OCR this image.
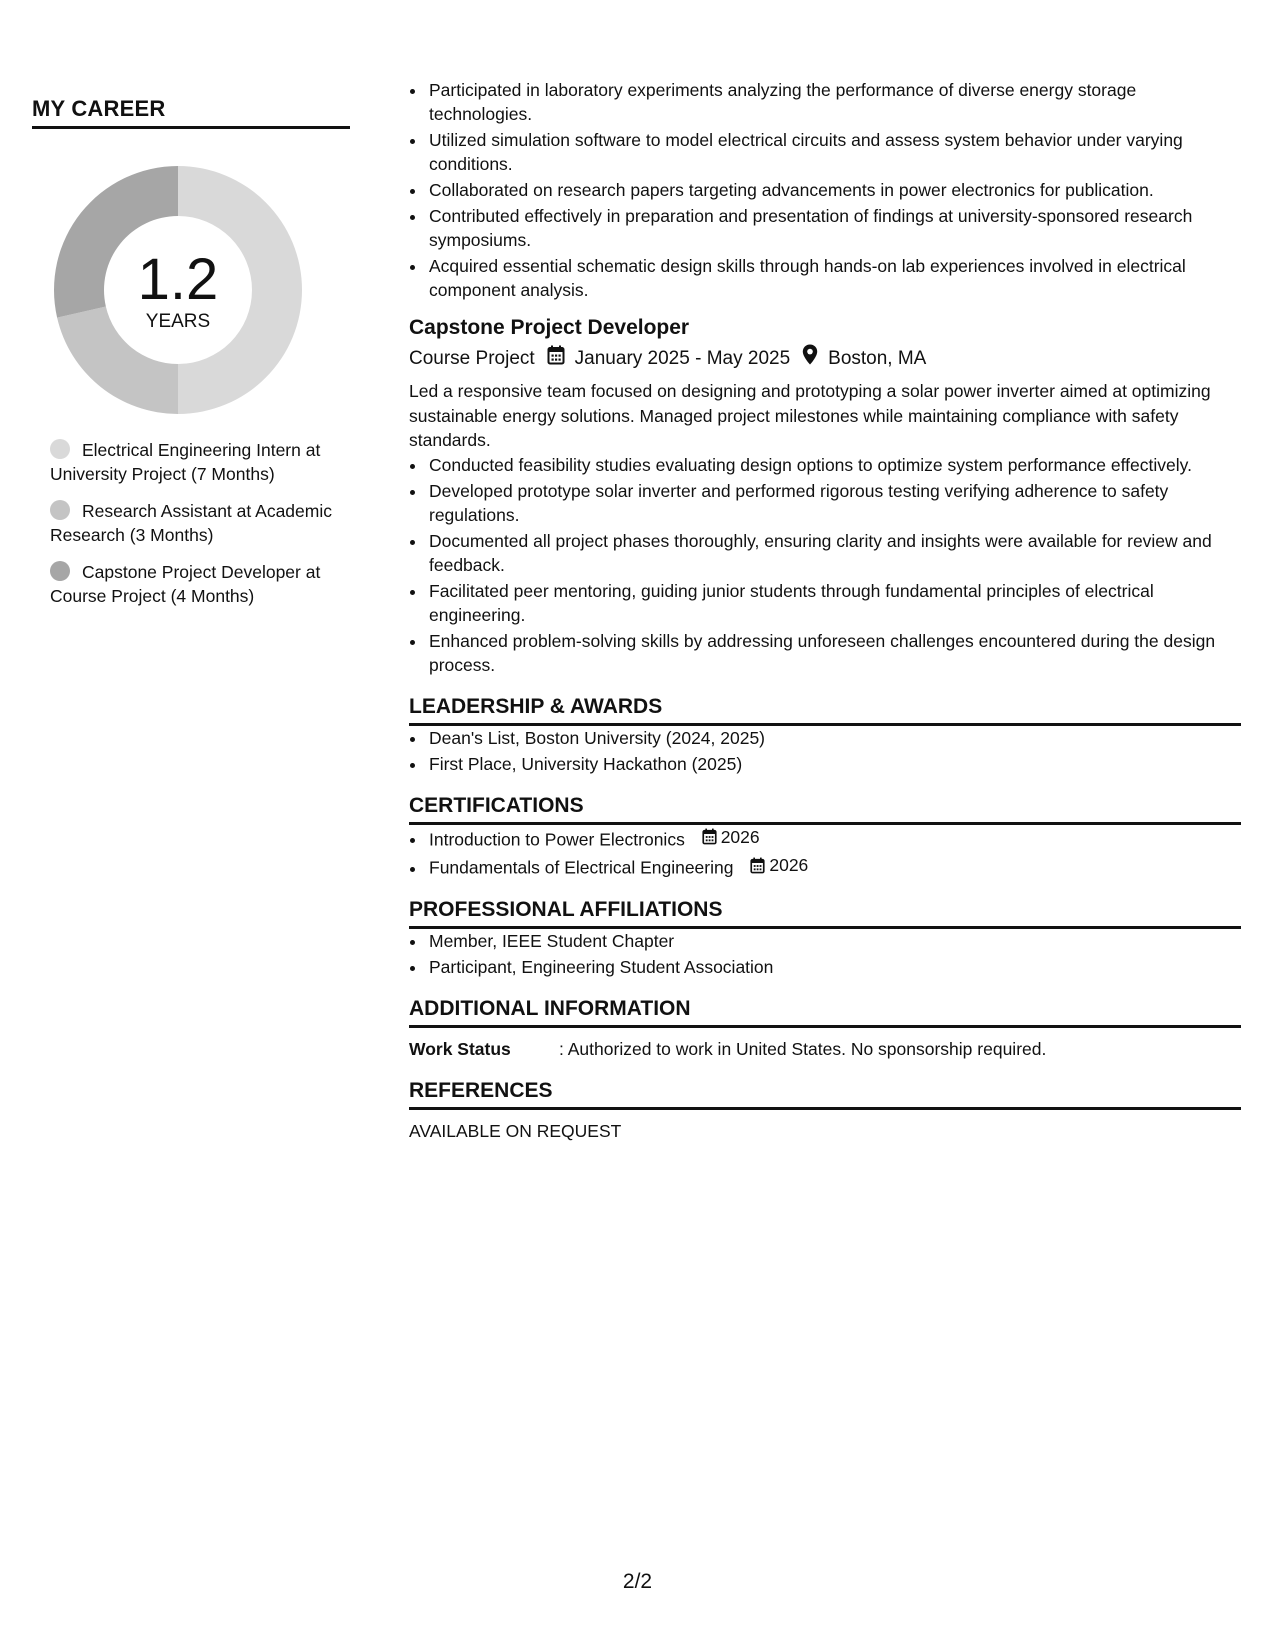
MY CAREER
1.2
YEARS
Electrical Engineering Intern at University Project (7 Months)
Research Assistant at Academic Research (3 Months)
Capstone Project Developer at Course Project (4 Months)
• Participated in laboratory experiments analyzing the performance of diverse energy storage technologies.
• Utilized simulation software to model electrical circuits and assess system behavior under varying conditions.
• Collaborated on research papers targeting advancements in power electronics for publication.
• Contributed effectively in preparation and presentation of findings at university-sponsored research symposiums.
• Acquired essential schematic design skills through hands-on lab experiences involved in electrical component analysis.
Capstone Project Developer
Course Project January 2025 - May 2025 Boston, MA

Led a responsive team focused on designing and prototyping a solar power inverter aimed at optimizing sustainable energy solutions. Managed project milestones while maintaining compliance with safety standards.

• Conducted feasibility studies evaluating design options to optimize system performance effectively.
• Developed prototype solar inverter and performed rigorous testing verifying adherence to safety regulations.
• Documented all project phases thoroughly, ensuring clarity and insights were available for review and feedback.
• Facilitated peer mentoring, guiding junior students through fundamental principles of electrical engineering.
• Enhanced problem-solving skills by addressing unforeseen challenges encountered during the design process.
LEADERSHIP & AWARDS
• Dean's List, Boston University (2024, 2025)
• First Place, University Hackathon (2025)
CERTIFICATIONS
• Introduction to Power Electronics 2026
• Fundamentals of Electrical Engineering 2026
PROFESSIONAL AFFILIATIONS
• Member, IEEE Student Chapter
• Participant, Engineering Student Association
ADDITIONAL INFORMATION
Work Status	: Authorized to work in United States. No sponsorship required.
REFERENCES
AVAILABLE ON REQUEST
2/2
